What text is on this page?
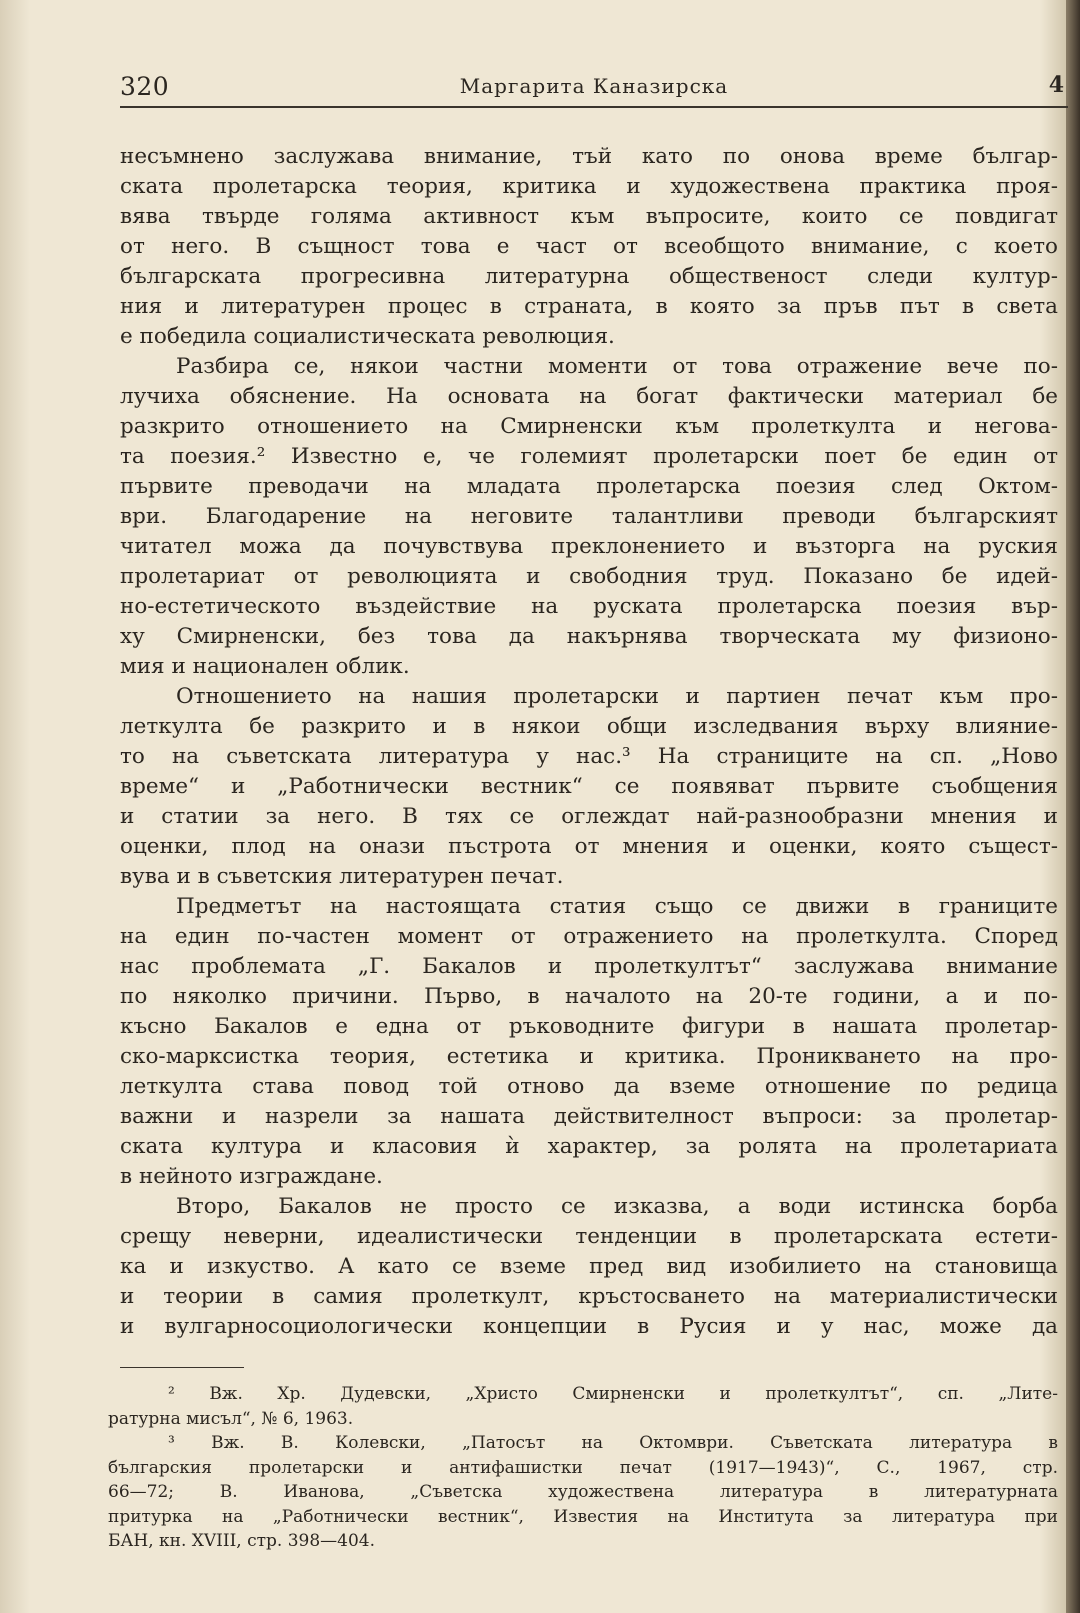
320	Маргарита Каназирска	4
несъмнено заслужава внимание, тъй като по онова време българ-
ската пролетарска теория, критика и художествена практика проя-
вява твърде голяма активност към въпросите, които се повдигат
от него. В същност това е част от всеобщото внимание, с което
българската прогресивна литературна общественост следи култур-
ния и литературен процес в страната, в която за пръв път в света
е победила социалистическата революция.
Разбира се, някои частни моменти от това отражение вече по-
лучиха обяснение. На основата на богат фактически материал бе
разкрито отношението на Смирненски към пролеткулта и негова-
та поезия.² Известно е, че големият пролетарски поет бе един от
първите преводачи на младата пролетарска поезия след Октом-
ври. Благодарение на неговите талантливи преводи българският
читател можа да почувствува преклонението и възторга на руския
пролетариат от революцията и свободния труд. Показано бе идей-
но-естетическото въздействие на руската пролетарска поезия вър-
ху Смирненски, без това да накърнява творческата му физионо-
мия и национален облик.
Отношението на нашия пролетарски и партиен печат към про-
леткулта бе разкрито и в някои общи изследвания върху влияние-
то на съветската литература у нас.³ На страниците на сп. „Ново
време“ и „Работнически вестник“ се появяват първите съобщения
и статии за него. В тях се оглеждат най-разнообразни мнения и
оценки, плод на онази пъстрота от мнения и оценки, която същест-
вува и в съветския литературен печат.
Предметът на настоящата статия също се движи в границите
на един по-частен момент от отражението на пролеткулта. Според
нас проблемата „Г. Бакалов и пролеткултът“ заслужава внимание
по няколко причини. Първо, в началото на 20-те години, а и по-
късно Бакалов е една от ръководните фигури в нашата пролетар-
ско-марксистка теория, естетика и критика. Проникването на про-
леткулта става повод той отново да вземе отношение по редица
важни и назрели за нашата действителност въпроси: за пролетар-
ската култура и класовия ѝ характер, за ролята на пролетариата
в нейното изграждане.
Второ, Бакалов не просто се изказва, а води истинска борба
срещу неверни, идеалистически тенденции в пролетарската естети-
ка и изкуство. А като се вземе пред вид изобилието на становища
и теории в самия пролеткулт, кръстосването на материалистически
и вулгарносоциологически концепции в Русия и у нас, може да
² Вж. Хр. Дудевски, „Христо Смирненски и пролеткултът“, сп. „Лите-
ратурна мисъл“, № 6, 1963.
³ Вж. В. Колевски, „Патосът на Октомври. Съветската литература в
българския пролетарски и антифашистки печат (1917—1943)“, С., 1967, стр.
66—72; В. Иванова, „Съветска художествена литература в литературната
притурка на „Работнически вестник“, Известия на Института за литература при
БАН, кн. XVIII, стр. 398—404.
